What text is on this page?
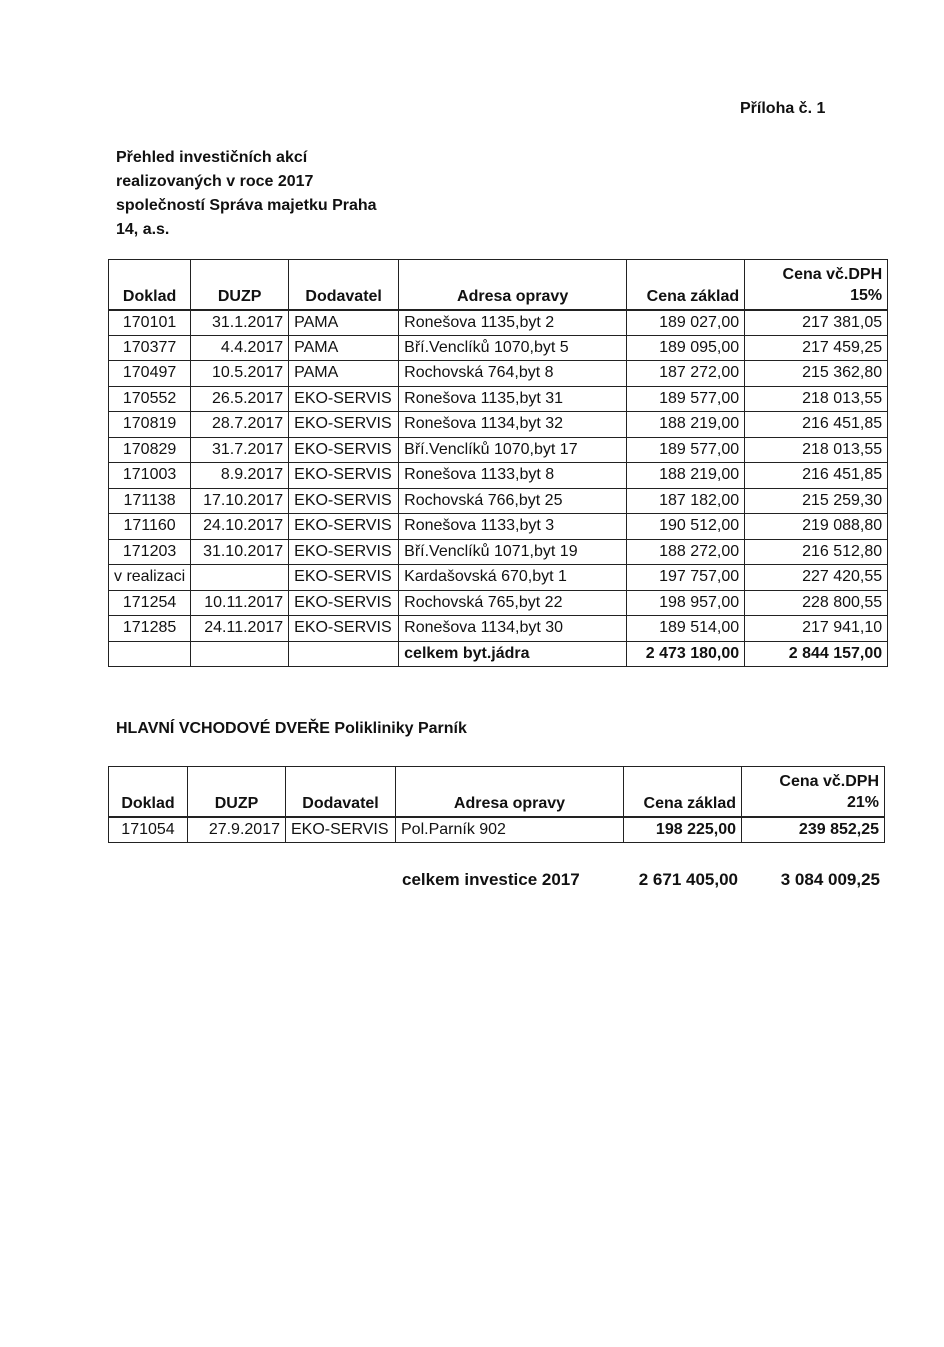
Příloha č. 1
Přehled investičních akcí
realizovaných v roce 2017
společností Správa majetku Praha
14, a.s.
Doklad	DUZP	Dodavatel	Adresa opravy	Cena základ	Cena vč.DPH
15%

170101	31.1.2017	PAMA	Ronešova 1135,byt 2	189 027,00	217 381,05
170377	4.4.2017	PAMA	Bří.Venclíků 1070,byt 5	189 095,00	217 459,25
170497	10.5.2017	PAMA	Rochovská 764,byt 8	187 272,00	215 362,80
170552	26.5.2017	EKO-SERVIS	Ronešova 1135,byt 31	189 577,00	218 013,55
170819	28.7.2017	EKO-SERVIS	Ronešova 1134,byt 32	188 219,00	216 451,85
170829	31.7.2017	EKO-SERVIS	Bří.Venclíků 1070,byt 17	189 577,00	218 013,55
171003	8.9.2017	EKO-SERVIS	Ronešova 1133,byt 8	188 219,00	216 451,85
171138	17.10.2017	EKO-SERVIS	Rochovská 766,byt 25	187 182,00	215 259,30
171160	24.10.2017	EKO-SERVIS	Ronešova 1133,byt 3	190 512,00	219 088,80
171203	31.10.2017	EKO-SERVIS	Bří.Venclíků 1071,byt 19	188 272,00	216 512,80
v realizaci		EKO-SERVIS	Kardašovská 670,byt 1	197 757,00	227 420,55
171254	10.11.2017	EKO-SERVIS	Rochovská 765,byt 22	198 957,00	228 800,55
171285	24.11.2017	EKO-SERVIS	Ronešova 1134,byt 30	189 514,00	217 941,10
			celkem byt.jádra	2 473 180,00	2 844 157,00
HLAVNÍ VCHODOVÉ DVEŘE Polikliniky Parník
Doklad	DUZP	Dodavatel	Adresa opravy	Cena základ	Cena vč.DPH
21%

171054	27.9.2017	EKO-SERVIS	Pol.Parník 902	198 225,00	239 852,25
celkem investice 2017	2 671 405,00	3 084 009,25
